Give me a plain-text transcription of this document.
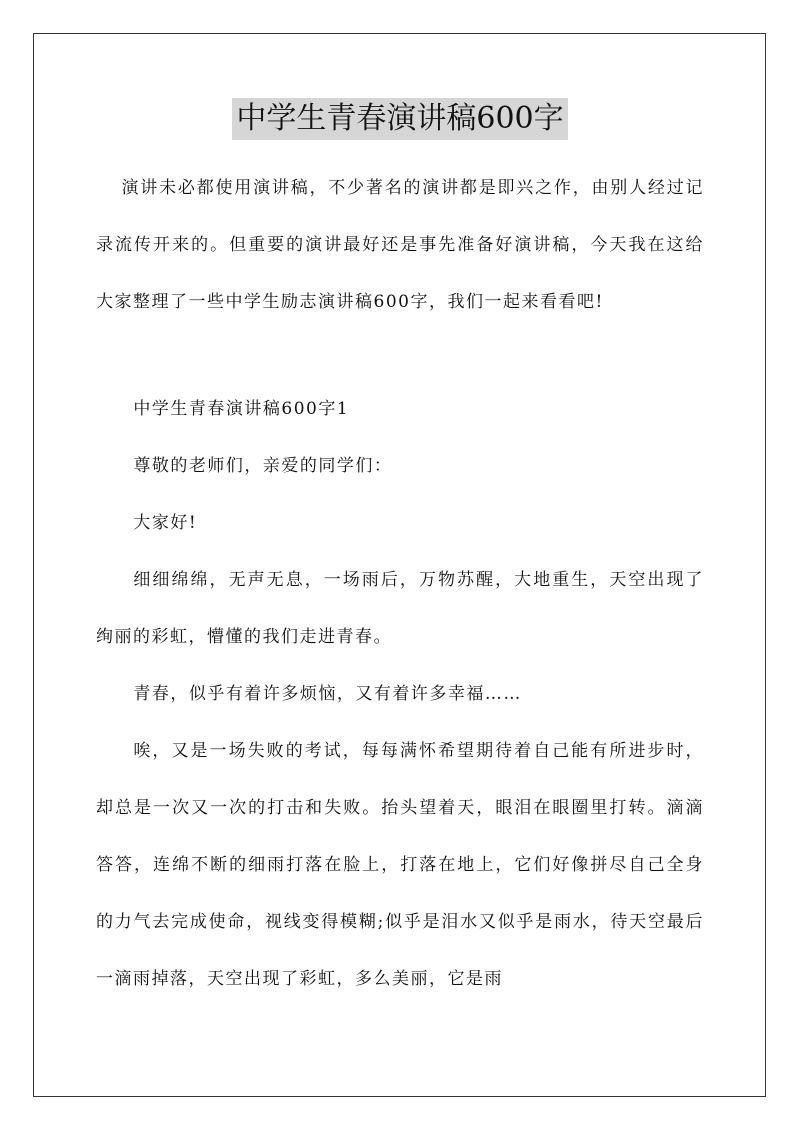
中学生青春演讲稿600字

演讲未必都使用演讲稿，不少著名的演讲都是即兴之作，由别人经过记录流传开来的。但重要的演讲最好还是事先准备好演讲稿，今天我在这给大家整理了一些中学生励志演讲稿600字，我们一起来看看吧!

中学生青春演讲稿600字1

尊敬的老师们，亲爱的同学们：

大家好!

细细绵绵，无声无息，一场雨后，万物苏醒，大地重生，天空出现了绚丽的彩虹，懵懂的我们走进青春。

青春，似乎有着许多烦恼，又有着许多幸福……

唉，又是一场失败的考试，每每满怀希望期待着自己能有所进步时，却总是一次又一次的打击和失败。抬头望着天，眼泪在眼圈里打转。滴滴答答，连绵不断的细雨打落在脸上，打落在地上，它们好像拼尽自己全身的力气去完成使命，视线变得模糊;似乎是泪水又似乎是雨水，待天空最后一滴雨掉落，天空出现了彩虹，多么美丽，它是雨
